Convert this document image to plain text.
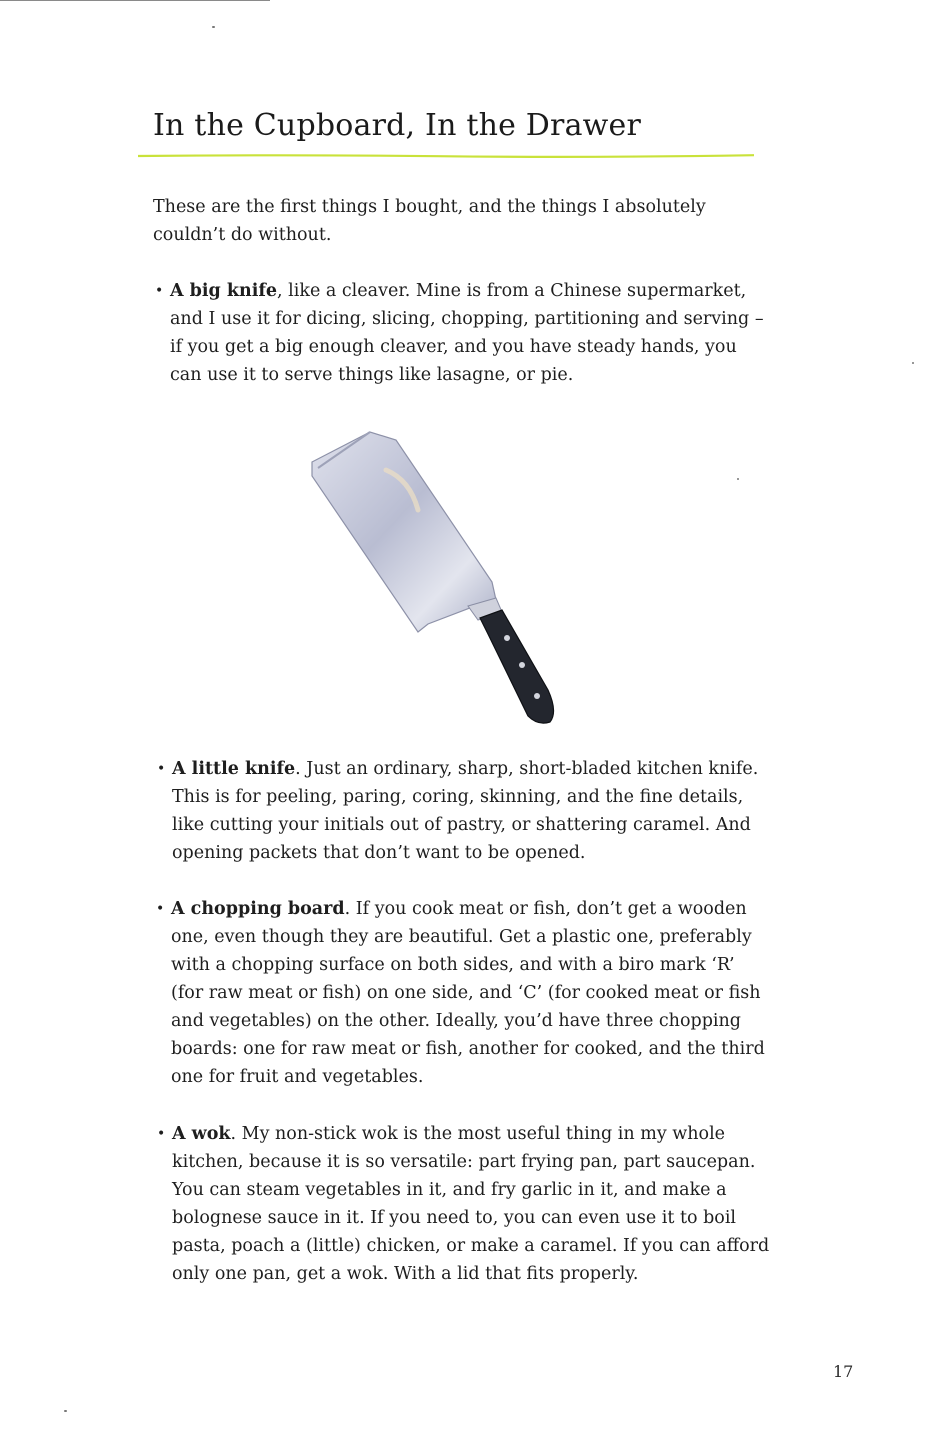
In the Cupboard, In the Drawer

These are the first things I bought, and the things I absolutely couldn’t do without.

• A big knife, like a cleaver. Mine is from a Chinese supermarket, and I use it for dicing, slicing, chopping, partitioning and serving – if you get a big enough cleaver, and you have steady hands, you can use it to serve things like lasagne, or pie.
• A little knife. Just an ordinary, sharp, short-bladed kitchen knife. This is for peeling, paring, coring, skinning, and the fine details, like cutting your initials out of pastry, or shattering caramel. And opening packets that don’t want to be opened.
• A chopping board. If you cook meat or fish, don’t get a wooden one, even though they are beautiful. Get a plastic one, preferably with a chopping surface on both sides, and with a biro mark ‘R’ (for raw meat or fish) on one side, and ‘C’ (for cooked meat or fish and vegetables) on the other. Ideally, you’d have three chopping boards: one for raw meat or fish, another for cooked, and the third one for fruit and vegetables.
• A wok. My non-stick wok is the most useful thing in my whole kitchen, because it is so versatile: part frying pan, part saucepan. You can steam vegetables in it, and fry garlic in it, and make a bolognese sauce in it. If you need to, you can even use it to boil pasta, poach a (little) chicken, or make a caramel. If you can afford only one pan, get a wok. With a lid that fits properly.
17
